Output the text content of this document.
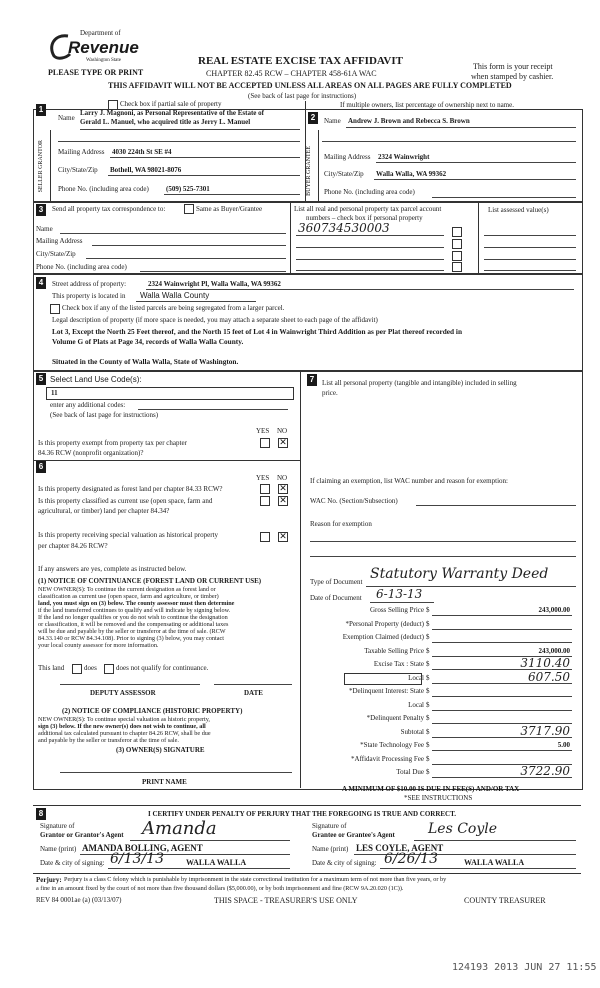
Department of
Revenue
Washington State
PLEASE TYPE OR PRINT
REAL ESTATE EXCISE TAX AFFIDAVIT
CHAPTER 82.45 RCW – CHAPTER 458-61A WAC
THIS AFFIDAVIT WILL NOT BE ACCEPTED UNLESS ALL AREAS ON ALL PAGES ARE FULLY COMPLETED
(See back of last page for instructions)
This form is your receipt
when stamped by cashier.
1
Check box if partial sale of property	If multiple owners, list percentage of ownership next to name.
Name
Larry J. Magnoni, as Personal Representative of the Estate of
Gerald L. Manuel, who acquired title as Jerry L. Manuel
SELLER GRANTOR Mailing Address 4030 224th St SE #4
City/State/Zip Bothell, WA 98021-8076
Phone No. (including area code) (509) 525-7301
2	Name Andrew J. Brown and Rebecca S. Brown
BUYER GRANTEE Mailing Address 2324 Wainwright
City/State/Zip Walla Walla, WA 99362
Phone No. (including area code)
3	Send all property tax correspondence to:	Same as Buyer/Grantee
Name
Mailing Address
City/State/Zip
Phone No. (including area code)
List all real and personal property tax parcel account
numbers – check box if personal property
360734530003
List assessed value(s)
4	Street address of property:	2324 Wainwright Pl, Walla Walla, WA 99362
This property is located in Walla Walla County
Check box if any of the listed parcels are being segregated from a larger parcel.
Legal description of property (if more space is needed, you may attach a separate sheet to each page of the affidavit)
Lot 3, Except the North 25 Feet thereof, and the North 15 feet of Lot 4 in Wainwright Third Addition as per Plat thereof recorded in
Volume G of Plats at Page 34, records of Walla Walla County.
Situated in the County of Walla Walla, State of Washington.
5 Select Land Use Code(s):
11
enter any additional codes:
(See back of last page for instructions)
YES NO
Is this property exempt from property tax per chapter
84.36 RCW (nonprofit organization)?
✕
6
YES NO
Is this property designated as forest land per chapter 84.33 RCW?	✕
Is this property classified as current use (open space, farm and
agricultural, or timber) land per chapter 84.34?
✕
Is this property receiving special valuation as historical property
per chapter 84.26 RCW?
✕
If any answers are yes, complete as instructed below.
(1) NOTICE OF CONTINUANCE (FOREST LAND OR CURRENT USE)
NEW OWNER(S): To continue the current designation as forest land or
classification as current use (open space, farm and agriculture, or timber)
land, you must sign on (3) below. The county assessor must then determine
if the land transferred continues to qualify and will indicate by signing below.
If the land no longer qualifies or you do not wish to continue the designation
or classification, it will be removed and the compensating or additional taxes
will be due and payable by the seller or transferor at the time of sale. (RCW
84.33.140 or RCW 84.34.108). Prior to signing (3) below, you may contact
your local county assessor for more information.
This land	does	does not qualify for continuance.
DEPUTY ASSESSOR	DATE
(2) NOTICE OF COMPLIANCE (HISTORIC PROPERTY)
NEW OWNER(S): To continue special valuation as historic property,
sign (3) below. If the new owner(s) does not wish to continue, all
additional tax calculated pursuant to chapter 84.26 RCW, shall be due
and payable by the seller or transferor at the time of sale.
(3) OWNER(S) SIGNATURE
PRINT NAME
7	List all personal property (tangible and intangible) included in selling
price.
If claiming an exemption, list WAC number and reason for exemption:
WAC No. (Section/Subsection)
Reason for exemption
Type of Document Statutory Warranty Deed
Date of Document 6-13-13
Gross Selling Price $	243,000.00
*Personal Property (deduct) $
Exemption Claimed (deduct) $
Taxable Selling Price $	243,000.00
Excise Tax : State $	3110.40
Local $	607.50
*Delinquent Interest: State $
Local $
*Delinquent Penalty $
Subtotal $	3717.90
*State Technology Fee $	5.00
*Affidavit Processing Fee $
Total Due $	3722.90
A MINIMUM OF $10.00 IS DUE IN FEE(S) AND/OR TAX
*SEE INSTRUCTIONS
8	I CERTIFY UNDER PENALTY OF PERJURY THAT THE FOREGOING IS TRUE AND CORRECT.
Signature of
Grantor or Grantor's Agent Amanda
Name (print) AMANDA BOLLING, AGENT
Date & city of signing: 6/13/13	WALLA WALLA
Signature of
Grantee or Grantee's Agent Les Coyle
Name (print) LES COYLE, AGENT
Date & city of signing: 6/26/13	WALLA WALLA
Perjury: Perjury is a class C felony which is punishable by imprisonment in the state correctional institution for a maximum term of not more than five years, or by
a fine in an amount fixed by the court of not more than five thousand dollars ($5,000.00), or by both imprisonment and fine (RCW 9A.20.020 (1C)).
REV 84 0001ae (a) (03/13/07)	THIS SPACE - TREASURER'S USE ONLY	COUNTY TREASURER
124193 2013 JUN 27 11:55
